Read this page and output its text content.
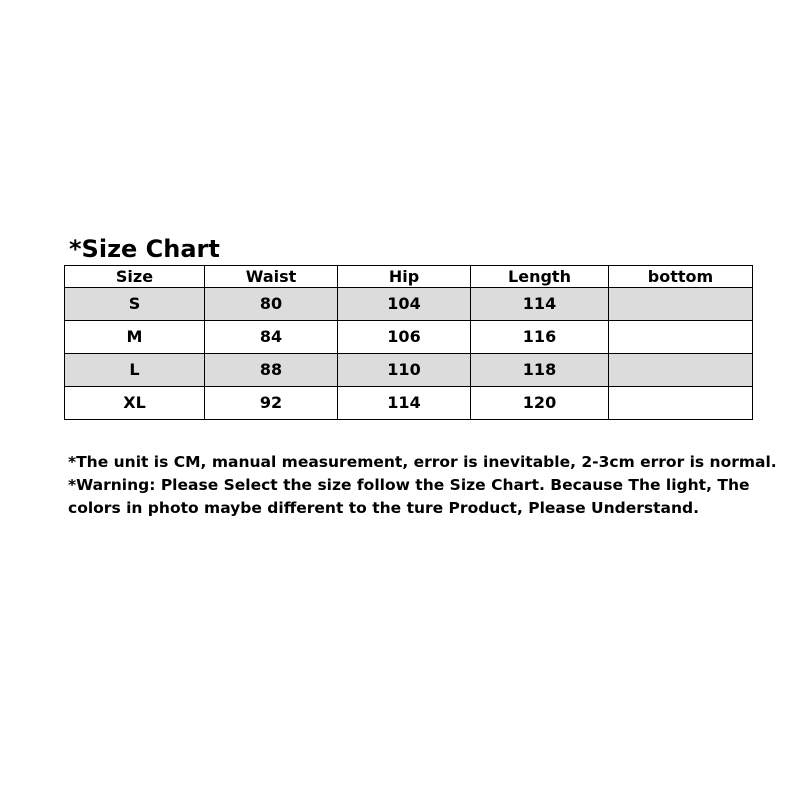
*Size Chart
Size	Waist	Hip	Length	bottom
S	80	104	114	
M	84	106	116	
L	88	110	118	
XL	92	114	120	
*The unit is CM, manual measurement, error is inevitable, 2-3cm error is normal.
*Warning: Please Select the size follow the Size Chart. Because The light, The
colors in photo maybe different to the ture Product, Please Understand.
